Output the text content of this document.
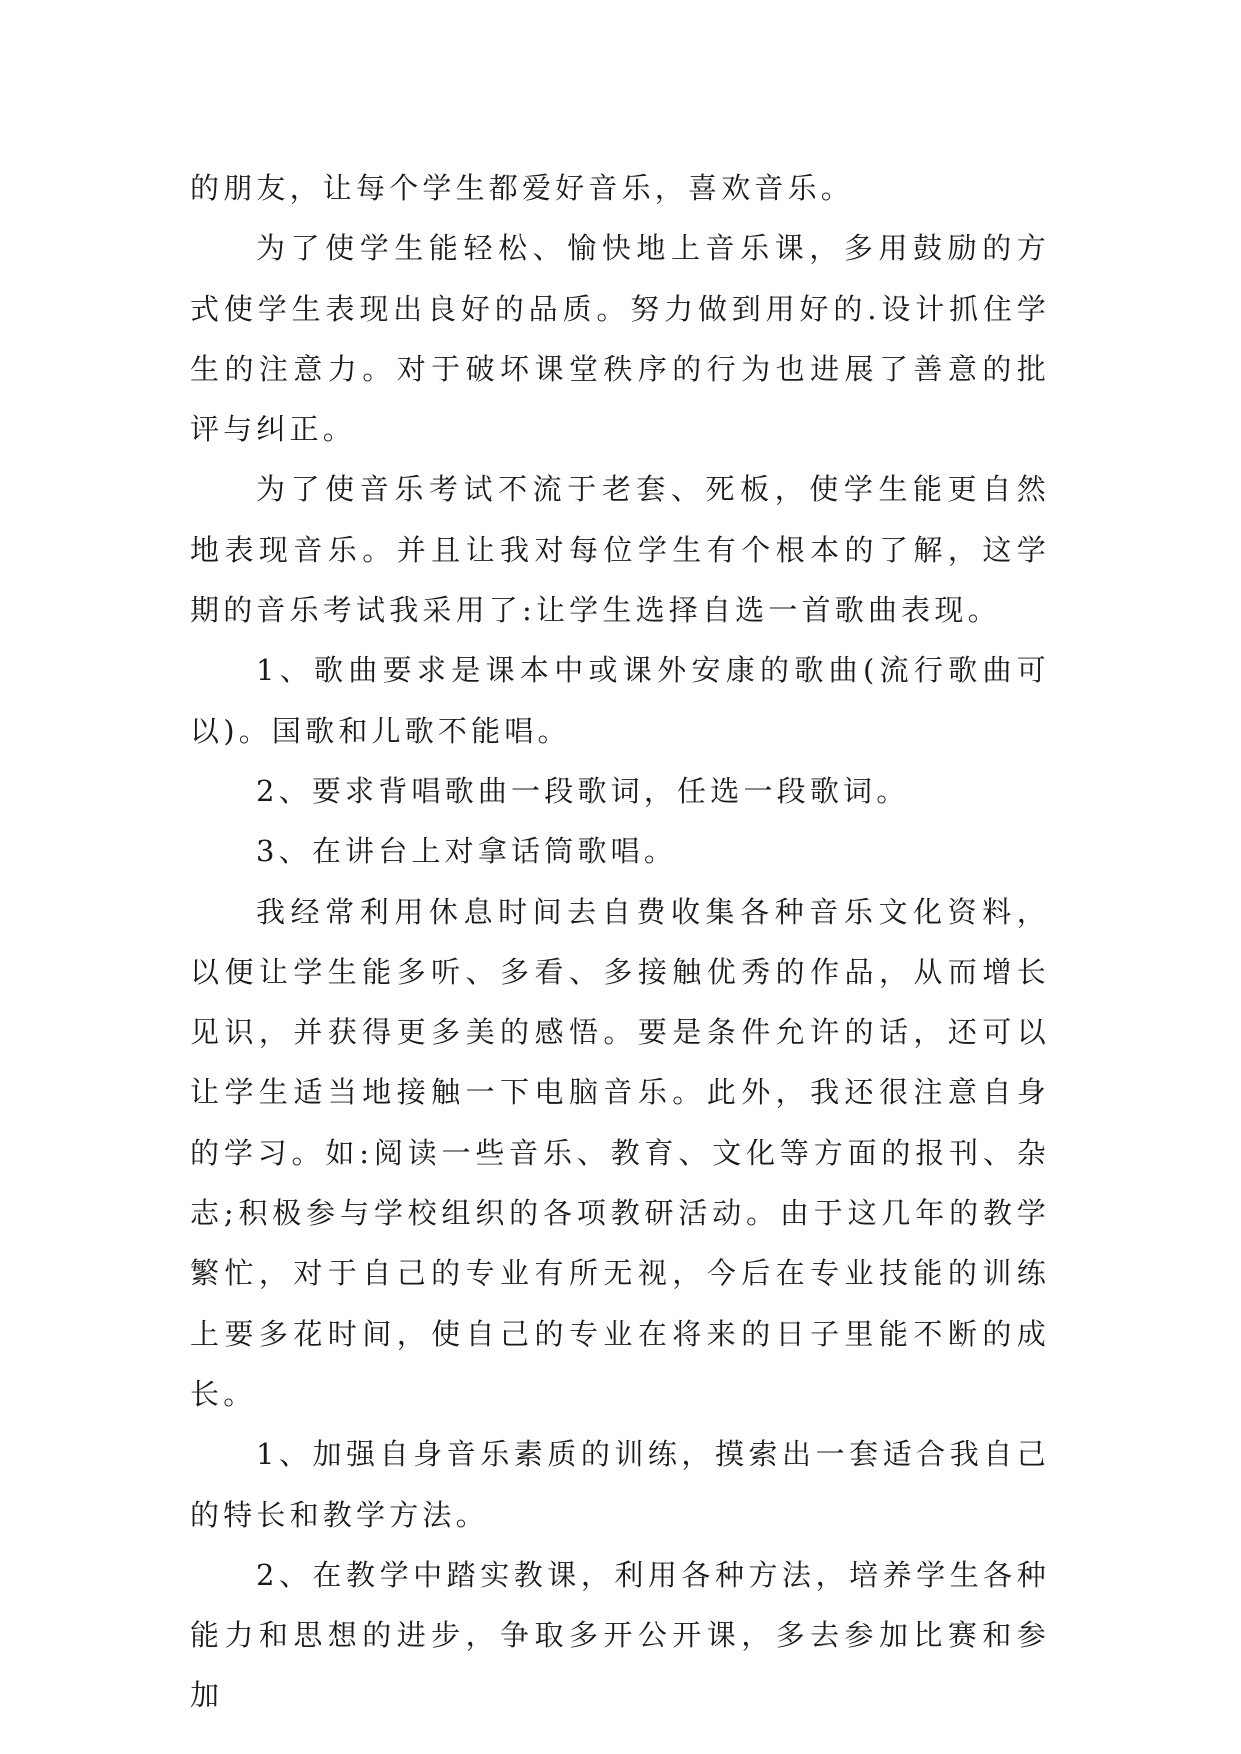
的朋友，让每个学生都爱好音乐，喜欢音乐。

为了使学生能轻松、愉快地上音乐课，多用鼓励的方式使学生表现出良好的品质。努力做到用好的.设计抓住学生的注意力。对于破坏课堂秩序的行为也进展了善意的批评与纠正。

为了使音乐考试不流于老套、死板，使学生能更自然地表现音乐。并且让我对每位学生有个根本的了解，这学期的音乐考试我采用了:让学生选择自选一首歌曲表现。

1、歌曲要求是课本中或课外安康的歌曲(流行歌曲可以)。国歌和儿歌不能唱。

2、要求背唱歌曲一段歌词，任选一段歌词。

3、在讲台上对拿话筒歌唱。

我经常利用休息时间去自费收集各种音乐文化资料，以便让学生能多听、多看、多接触优秀的作品，从而增长见识，并获得更多美的感悟。要是条件允许的话，还可以让学生适当地接触一下电脑音乐。此外，我还很注意自身的学习。如:阅读一些音乐、教育、文化等方面的报刊、杂志;积极参与学校组织的各项教研活动。由于这几年的教学繁忙，对于自己的专业有所无视，今后在专业技能的训练上要多花时间，使自己的专业在将来的日子里能不断的成长。

1、加强自身音乐素质的训练，摸索出一套适合我自己的特长和教学方法。

2、在教学中踏实教课，利用各种方法，培养学生各种能力和思想的进步，争取多开公开课，多去参加比赛和参加
